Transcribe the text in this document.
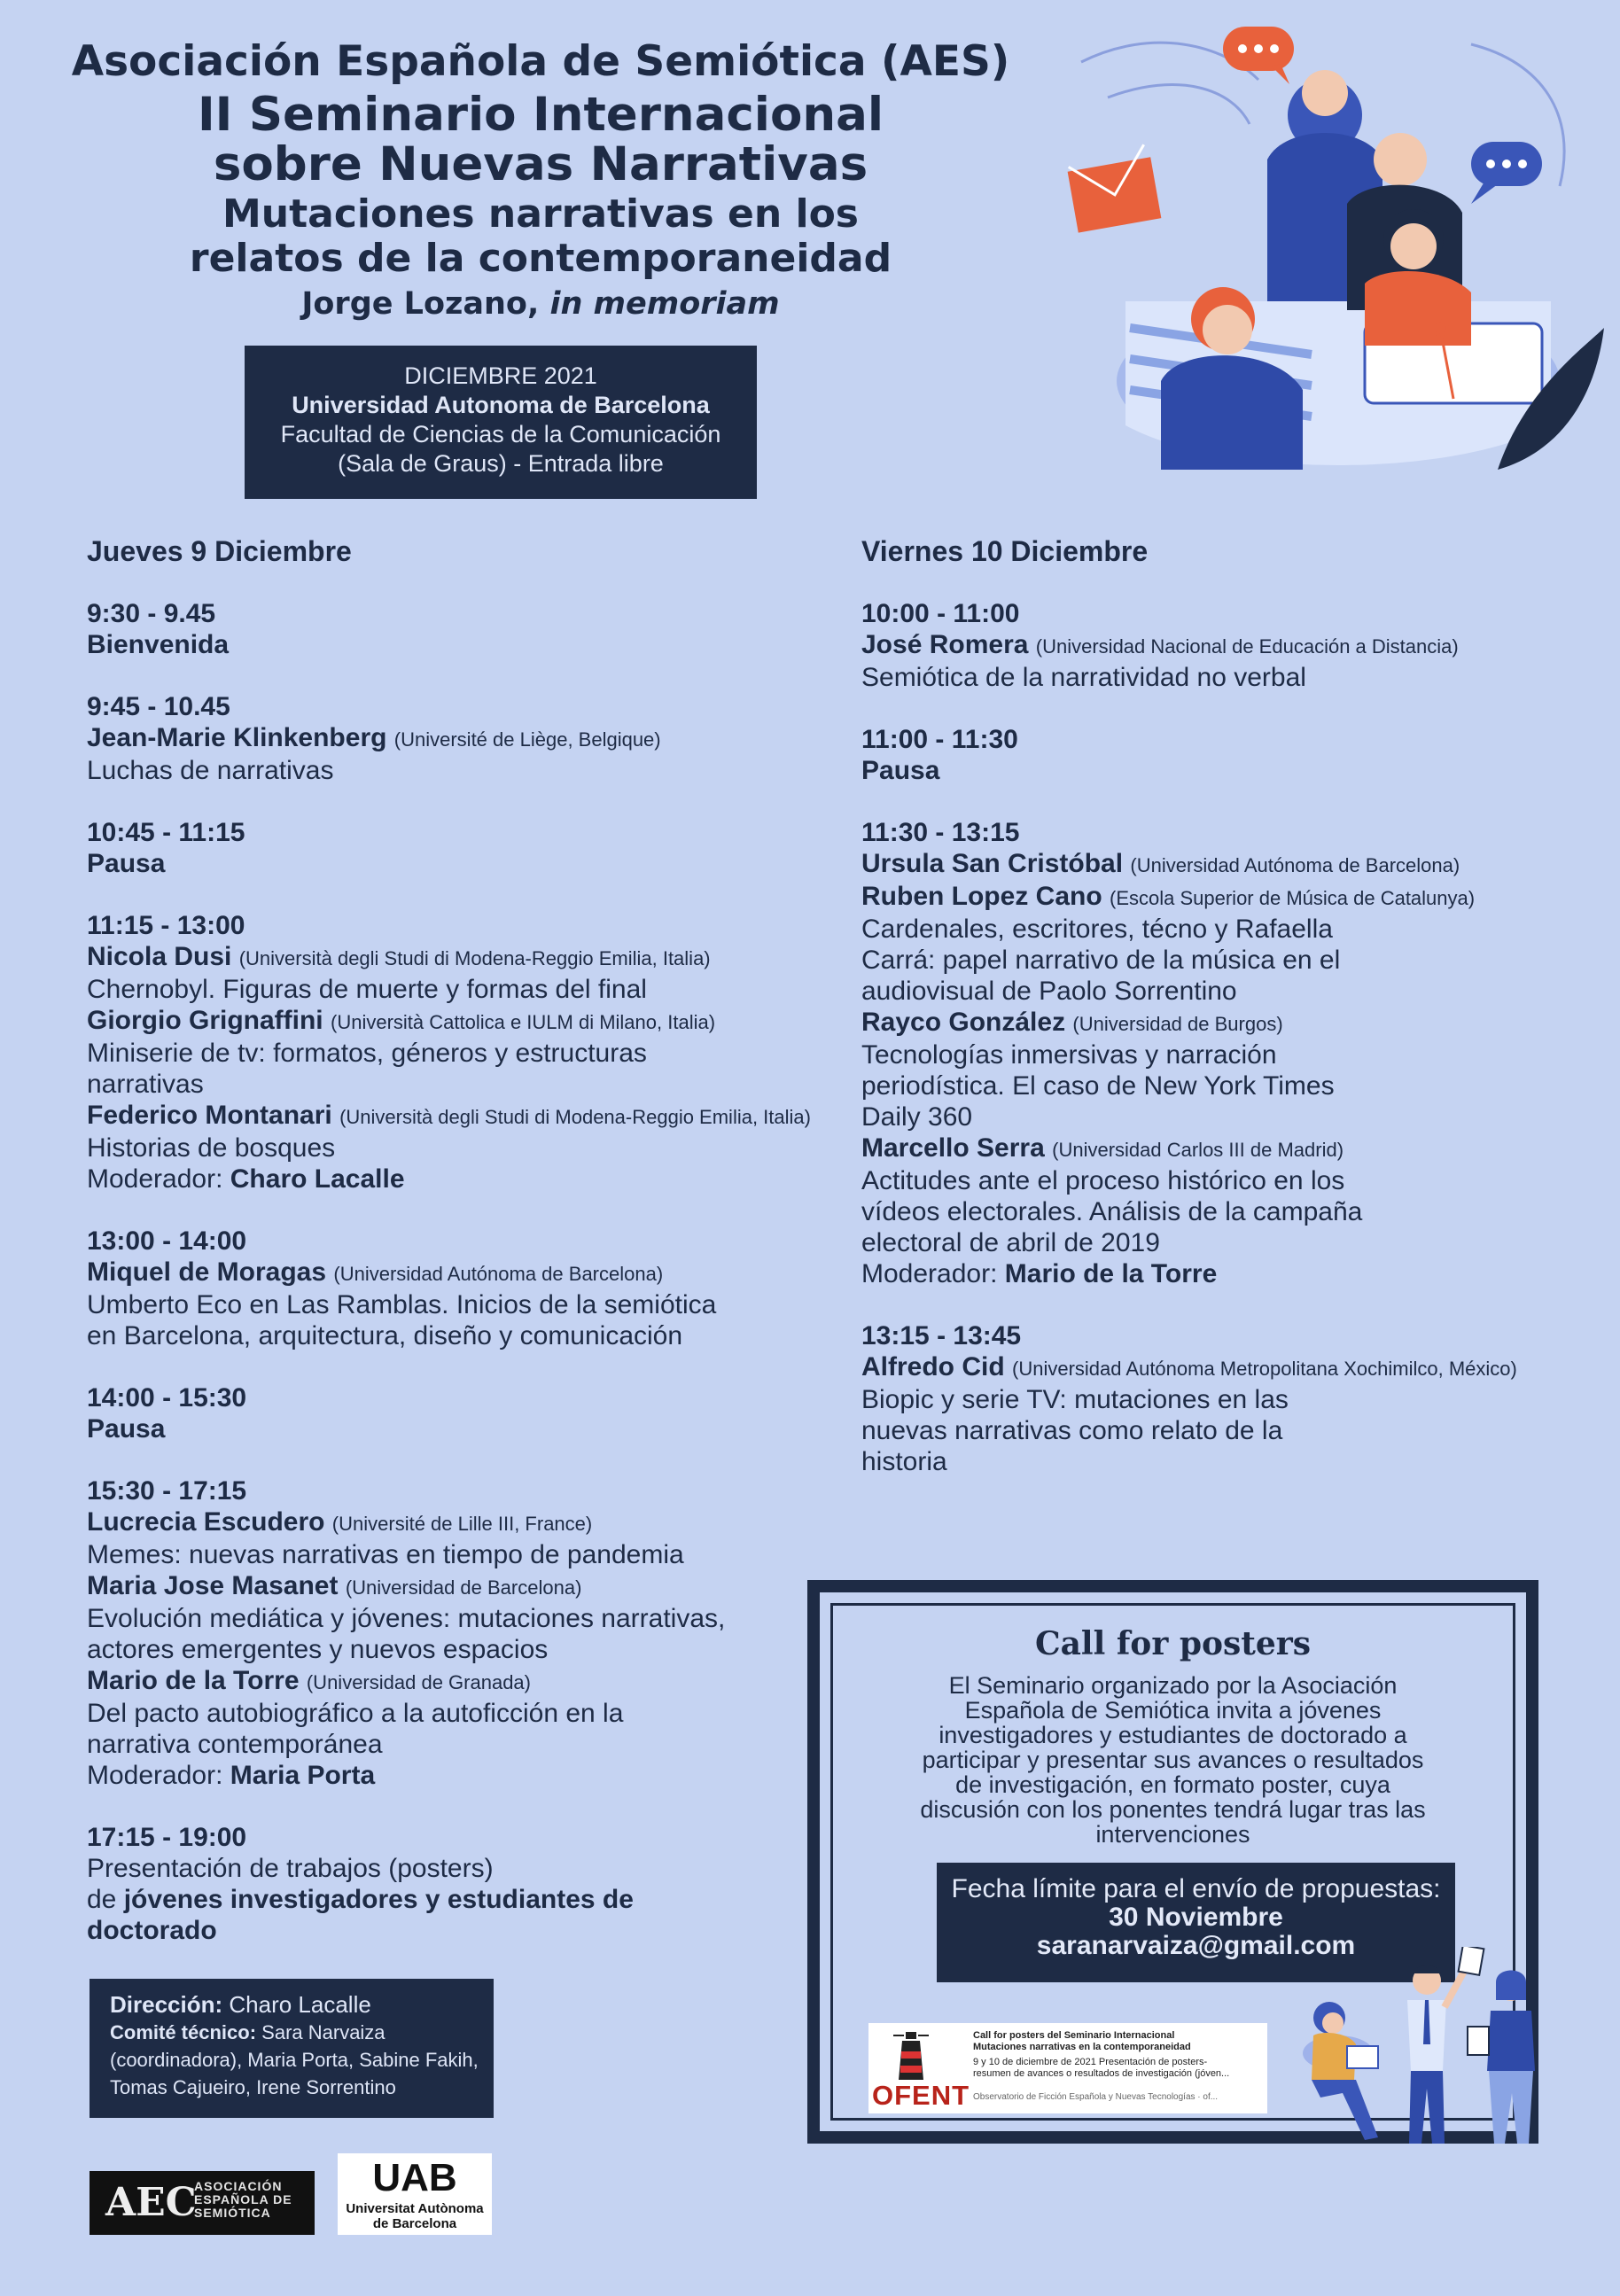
Asociación Española de Semiótica (AES)
II Seminario Internacional
sobre Nuevas Narrativas
Mutaciones narrativas en los
relatos de la contemporaneidad
Jorge Lozano, in memoriam
DICIEMBRE 2021
Universidad Autonoma de Barcelona
Facultad de Ciencias de la Comunicación
(Sala de Graus) - Entrada libre
Jueves 9 Diciembre
9:30 - 9.45
Bienvenida
9:45 - 10.45
Jean-Marie Klinkenberg (Université de Liège, Belgique)
Luchas de narrativas
10:45 - 11:15
Pausa
11:15 - 13:00
Nicola Dusi (Università degli Studi di Modena-Reggio Emilia, Italia)
Chernobyl. Figuras de muerte y formas del final
Giorgio Grignaffini (Università Cattolica e IULM di Milano, Italia)
Miniserie de tv: formatos, géneros y estructuras
narrativas
Federico Montanari (Università degli Studi di Modena-Reggio Emilia, Italia)
Historias de bosques
Moderador: Charo Lacalle
13:00 - 14:00
Miquel de Moragas (Universidad Autónoma de Barcelona)
Umberto Eco en Las Ramblas. Inicios de la semiótica
en Barcelona, arquitectura, diseño y comunicación
14:00 - 15:30
Pausa
15:30 - 17:15
Lucrecia Escudero (Université de Lille III, France)
Memes: nuevas narrativas en tiempo de pandemia
Maria Jose Masanet (Universidad de Barcelona)
Evolución mediática y jóvenes: mutaciones narrativas,
actores emergentes y nuevos espacios
Mario de la Torre (Universidad de Granada)
Del pacto autobiográfico a la autoficción en la
narrativa contemporánea
Moderador: Maria Porta
17:15 - 19:00
Presentación de trabajos (posters)
de jóvenes investigadores y estudiantes de
doctorado
Viernes 10 Diciembre
10:00 - 11:00
José Romera (Universidad Nacional de Educación a Distancia)
Semiótica de la narratividad no verbal
11:00 - 11:30
Pausa
11:30 - 13:15
Ursula San Cristóbal (Universidad Autónoma de Barcelona)
Ruben Lopez Cano (Escola Superior de Música de Catalunya)
Cardenales, escritores, técno y Rafaella
Carrá: papel narrativo de la música en el
audiovisual de Paolo Sorrentino
Rayco González (Universidad de Burgos)
Tecnologías inmersivas y narración
periodística. El caso de New York Times
Daily 360
Marcello Serra (Universidad Carlos III de Madrid)
Actitudes ante el proceso histórico en los
vídeos electorales. Análisis de la campaña
electoral de abril de 2019
Moderador: Mario de la Torre
13:15 - 13:45
Alfredo Cid (Universidad Autónoma Metropolitana Xochimilco, México)
Biopic y serie TV: mutaciones en las
nuevas narrativas como relato de la
historia
Call for posters
El Seminario organizado por la Asociación
Española de Semiótica invita a jóvenes
investigadores y estudiantes de doctorado a
participar y presentar sus avances o resultados
de investigación, en formato poster, cuya
discusión con los ponentes tendrá lugar tras las
intervenciones
Fecha límite para el envío de propuestas:
30 Noviembre
saranarvaiza@gmail.com
OFENT
Call for posters del Seminario Internacional
Mutaciones narrativas en la contemporaneidad
9 y 10 de diciembre de 2021 Presentación de posters-
resumen de avances o resultados de investigación (jóven...
Observatorio de Ficción Española y Nuevas Tecnologías · of...
Dirección: Charo Lacalle
Comité técnico: Sara Narvaiza
(coordinadora), Maria Porta, Sabine Fakih,
Tomas Cajueiro, Irene Sorrentino
AEC
ASOCIACIÓN
ESPAÑOLA DE
SEMIÓTICA
UAB
Universitat Autònoma
de Barcelona
